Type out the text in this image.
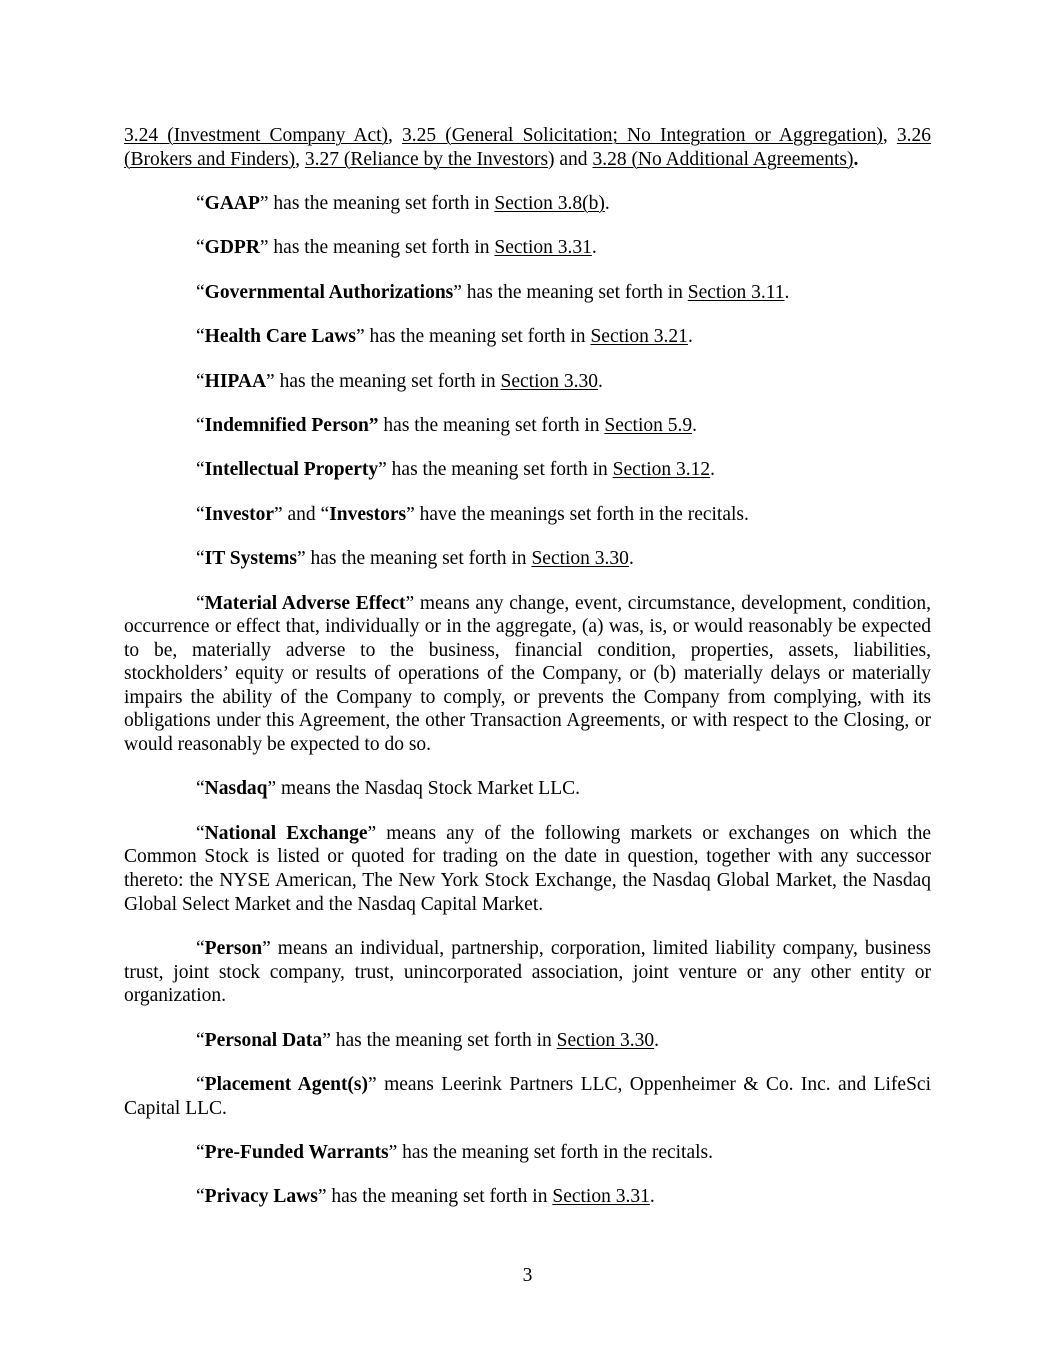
3.24 (Investment Company Act), 3.25 (General Solicitation; No Integration or Aggregation), 3.26 (Brokers and Finders), 3.27 (Reliance by the Investors) and 3.28 (No Additional Agreements).

“GAAP” has the meaning set forth in Section 3.8(b).

“GDPR” has the meaning set forth in Section 3.31.

“Governmental Authorizations” has the meaning set forth in Section 3.11.

“Health Care Laws” has the meaning set forth in Section 3.21.

“HIPAA” has the meaning set forth in Section 3.30.

“Indemnified Person” has the meaning set forth in Section 5.9.

“Intellectual Property” has the meaning set forth in Section 3.12.

“Investor” and “Investors” have the meanings set forth in the recitals.

“IT Systems” has the meaning set forth in Section 3.30.

“Material Adverse Effect” means any change, event, circumstance, development, condition, occurrence or effect that, individually or in the aggregate, (a) was, is, or would reasonably be expected to be, materially adverse to the business, financial condition, properties, assets, liabilities, stockholders’ equity or results of operations of the Company, or (b) materially delays or materially impairs the ability of the Company to comply, or prevents the Company from complying, with its obligations under this Agreement, the other Transaction Agreements, or with respect to the Closing, or would reasonably be expected to do so.

“Nasdaq” means the Nasdaq Stock Market LLC.

“National Exchange” means any of the following markets or exchanges on which the Common Stock is listed or quoted for trading on the date in question, together with any successor thereto: the NYSE American, The New York Stock Exchange, the Nasdaq Global Market, the Nasdaq Global Select Market and the Nasdaq Capital Market.

“Person” means an individual, partnership, corporation, limited liability company, business trust, joint stock company, trust, unincorporated association, joint venture or any other entity or organization.

“Personal Data” has the meaning set forth in Section 3.30.

“Placement Agent(s)” means Leerink Partners LLC, Oppenheimer & Co. Inc. and LifeSci Capital LLC.

“Pre-Funded Warrants” has the meaning set forth in the recitals.

“Privacy Laws” has the meaning set forth in Section 3.31.

3
